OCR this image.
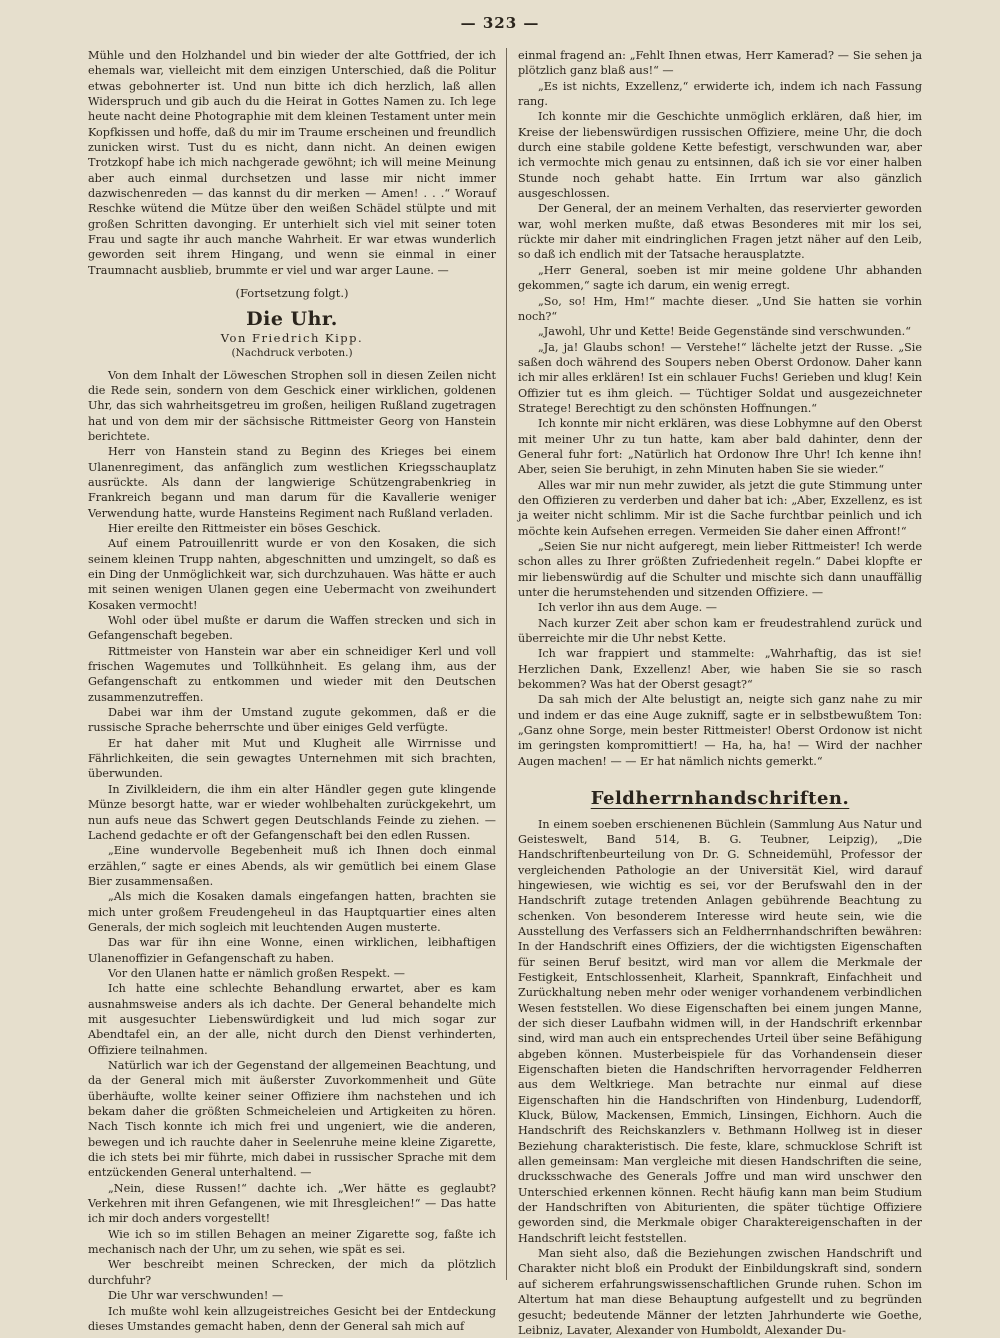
— 323 —

Mühle und den Holzhandel und bin wieder der alte Gottfried, der ich ehemals war, vielleicht mit dem einzigen Unterschied, daß die Politur etwas gebohnerter ist. Und nun bitte ich dich herzlich, laß allen Widerspruch und gib auch du die Heirat in Gottes Namen zu. Ich lege heute nacht deine Photographie mit dem kleinen Testament unter mein Kopfkissen und hoffe, daß du mir im Traume erscheinen und freundlich zunicken wirst. Tust du es nicht, dann nicht. An deinen ewigen Trotzkopf habe ich mich nachgerade gewöhnt; ich will meine Meinung aber auch einmal durchsetzen und lasse mir nicht immer dazwischenreden — das kannst du dir merken — Amen! . . .“ Worauf Reschke wütend die Mütze über den weißen Schädel stülpte und mit großen Schritten davonging. Er unterhielt sich viel mit seiner toten Frau und sagte ihr auch manche Wahrheit. Er war etwas wunderlich geworden seit ihrem Hingang, und wenn sie einmal in einer Traumnacht ausblieb, brummte er viel und war arger Laune. —

(Fortsetzung folgt.)
Die Uhr.
Von Friedrich Kipp.
(Nachdruck verboten.)

Von dem Inhalt der Löweschen Strophen soll in diesen Zeilen nicht die Rede sein, sondern von dem Geschick einer wirklichen, goldenen Uhr, das sich wahrheitsgetreu im großen, heiligen Rußland zugetragen hat und von dem mir der sächsische Rittmeister Georg von Hanstein berichtete.

Herr von Hanstein stand zu Beginn des Krieges bei einem Ulanenregiment, das anfänglich zum westlichen Kriegsschauplatz ausrückte. Als dann der langwierige Schützengrabenkrieg in Frankreich begann und man darum für die Kavallerie weniger Verwendung hatte, wurde Hansteins Regiment nach Rußland verladen.

Hier ereilte den Rittmeister ein böses Geschick.

Auf einem Patrouillenritt wurde er von den Kosaken, die sich seinem kleinen Trupp nahten, abgeschnitten und umzingelt, so daß es ein Ding der Unmöglichkeit war, sich durchzuhauen. Was hätte er auch mit seinen wenigen Ulanen gegen eine Uebermacht von zweihundert Kosaken vermocht!

Wohl oder übel mußte er darum die Waffen strecken und sich in Gefangenschaft begeben.

Rittmeister von Hanstein war aber ein schneidiger Kerl und voll frischen Wagemutes und Tollkühnheit. Es gelang ihm, aus der Gefangenschaft zu entkommen und wieder mit den Deutschen zusammenzutreffen.

Dabei war ihm der Umstand zugute gekommen, daß er die russische Sprache beherrschte und über einiges Geld verfügte.

Er hat daher mit Mut und Klugheit alle Wirrnisse und Fährlichkeiten, die sein gewagtes Unternehmen mit sich brachten, überwunden.

In Zivilkleidern, die ihm ein alter Händler gegen gute klingende Münze besorgt hatte, war er wieder wohlbehalten zurückgekehrt, um nun aufs neue das Schwert gegen Deutschlands Feinde zu ziehen. — Lachend gedachte er oft der Gefangenschaft bei den edlen Russen.

„Eine wundervolle Begebenheit muß ich Ihnen doch einmal erzählen,“ sagte er eines Abends, als wir gemütlich bei einem Glase Bier zusammensaßen.

„Als mich die Kosaken damals eingefangen hatten, brachten sie mich unter großem Freudengeheul in das Hauptquartier eines alten Generals, der mich sogleich mit leuchtenden Augen musterte.

Das war für ihn eine Wonne, einen wirklichen, leibhaftigen Ulanenoffizier in Gefangenschaft zu haben.

Vor den Ulanen hatte er nämlich großen Respekt. —

Ich hatte eine schlechte Behandlung erwartet, aber es kam ausnahmsweise anders als ich dachte. Der General behandelte mich mit ausgesuchter Liebenswürdigkeit und lud mich sogar zur Abendtafel ein, an der alle, nicht durch den Dienst verhinderten, Offiziere teilnahmen.

Natürlich war ich der Gegenstand der allgemeinen Beachtung, und da der General mich mit äußerster Zuvorkommenheit und Güte überhäufte, wollte keiner seiner Offiziere ihm nachstehen und ich bekam daher die größten Schmeicheleien und Artigkeiten zu hören. Nach Tisch konnte ich mich frei und ungeniert, wie die anderen, bewegen und ich rauchte daher in Seelenruhe meine kleine Zigarette, die ich stets bei mir führte, mich dabei in russischer Sprache mit dem entzückenden General unterhaltend. —

„Nein, diese Russen!“ dachte ich. „Wer hätte es geglaubt? Verkehren mit ihren Gefangenen, wie mit Ihresgleichen!“ — Das hatte ich mir doch anders vorgestellt!

Wie ich so im stillen Behagen an meiner Zigarette sog, faßte ich mechanisch nach der Uhr, um zu sehen, wie spät es sei.

Wer beschreibt meinen Schrecken, der mich da plötzlich durchfuhr?

Die Uhr war verschwunden! —

Ich mußte wohl kein allzugeistreiches Gesicht bei der Entdeckung dieses Umstandes gemacht haben, denn der General sah mich auf

einmal fragend an: „Fehlt Ihnen etwas, Herr Kamerad? — Sie sehen ja plötzlich ganz blaß aus!“ —

„Es ist nichts, Exzellenz,“ erwiderte ich, indem ich nach Fassung rang.

Ich konnte mir die Geschichte unmöglich erklären, daß hier, im Kreise der liebenswürdigen russischen Offiziere, meine Uhr, die doch durch eine stabile goldene Kette befestigt, verschwunden war, aber ich vermochte mich genau zu entsinnen, daß ich sie vor einer halben Stunde noch gehabt hatte. Ein Irrtum war also gänzlich ausgeschlossen.

Der General, der an meinem Verhalten, das reservierter geworden war, wohl merken mußte, daß etwas Besonderes mit mir los sei, rückte mir daher mit eindringlichen Fragen jetzt näher auf den Leib, so daß ich endlich mit der Tatsache herausplatzte.

„Herr General, soeben ist mir meine goldene Uhr abhanden gekommen,“ sagte ich darum, ein wenig erregt.

„So, so! Hm, Hm!“ machte dieser. „Und Sie hatten sie vorhin noch?“

„Jawohl, Uhr und Kette! Beide Gegenstände sind verschwunden.“

„Ja, ja! Glaubs schon! — Verstehe!“ lächelte jetzt der Russe. „Sie saßen doch während des Soupers neben Oberst Ordonow. Daher kann ich mir alles erklären! Ist ein schlauer Fuchs! Gerieben und klug! Kein Offizier tut es ihm gleich. — Tüchtiger Soldat und ausgezeichneter Stratege! Berechtigt zu den schönsten Hoffnungen.“

Ich konnte mir nicht erklären, was diese Lobhymne auf den Oberst mit meiner Uhr zu tun hatte, kam aber bald dahinter, denn der General fuhr fort: „Natürlich hat Ordonow Ihre Uhr! Ich kenne ihn! Aber, seien Sie beruhigt, in zehn Minuten haben Sie sie wieder.“

Alles war mir nun mehr zuwider, als jetzt die gute Stimmung unter den Offizieren zu verderben und daher bat ich: „Aber, Exzellenz, es ist ja weiter nicht schlimm. Mir ist die Sache furchtbar peinlich und ich möchte kein Aufsehen erregen. Vermeiden Sie daher einen Affront!“

„Seien Sie nur nicht aufgeregt, mein lieber Rittmeister! Ich werde schon alles zu Ihrer größten Zufriedenheit regeln.“ Dabei klopfte er mir liebenswürdig auf die Schulter und mischte sich dann unauffällig unter die herumstehenden und sitzenden Offiziere. —

Ich verlor ihn aus dem Auge. —

Nach kurzer Zeit aber schon kam er freudestrahlend zurück und überreichte mir die Uhr nebst Kette.

Ich war frappiert und stammelte: „Wahrhaftig, das ist sie! Herzlichen Dank, Exzellenz! Aber, wie haben Sie sie so rasch bekommen? Was hat der Oberst gesagt?“

Da sah mich der Alte belustigt an, neigte sich ganz nahe zu mir und indem er das eine Auge zukniff, sagte er in selbstbewußtem Ton: „Ganz ohne Sorge, mein bester Rittmeister! Oberst Ordonow ist nicht im geringsten kompromittiert! — Ha, ha, ha! — Wird der nachher Augen machen! — — Er hat nämlich nichts gemerkt.“

Feldherrnhandschriften.

In einem soeben erschienenen Büchlein (Sammlung Aus Natur und Geisteswelt, Band 514, B. G. Teubner, Leipzig), „Die Handschriftenbeurteilung von Dr. G. Schneidemühl, Professor der vergleichenden Pathologie an der Universität Kiel, wird darauf hingewiesen, wie wichtig es sei, vor der Berufswahl den in der Handschrift zutage tretenden Anlagen gebührende Beachtung zu schenken. Von besonderem Interesse wird heute sein, wie die Ausstellung des Verfassers sich an Feldherrnhandschriften bewähren: In der Handschrift eines Offiziers, der die wichtigsten Eigenschaften für seinen Beruf besitzt, wird man vor allem die Merkmale der Festigkeit, Entschlossenheit, Klarheit, Spannkraft, Einfachheit und Zurückhaltung neben mehr oder weniger vorhandenem verbindlichen Wesen feststellen. Wo diese Eigenschaften bei einem jungen Manne, der sich dieser Laufbahn widmen will, in der Handschrift erkennbar sind, wird man auch ein entsprechendes Urteil über seine Befähigung abgeben können. Musterbeispiele für das Vorhandensein dieser Eigenschaften bieten die Handschriften hervorragender Feldherren aus dem Weltkriege. Man betrachte nur einmal auf diese Eigenschaften hin die Handschriften von Hindenburg, Ludendorff, Kluck, Bülow, Mackensen, Emmich, Linsingen, Eichhorn. Auch die Handschrift des Reichskanzlers v. Bethmann Hollweg ist in dieser Beziehung charakteristisch. Die feste, klare, schmucklose Schrift ist allen gemeinsam: Man vergleiche mit diesen Handschriften die seine, drucksschwache des Generals Joffre und man wird unschwer den Unterschied erkennen können. Recht häufig kann man beim Studium der Handschriften von Abiturienten, die später tüchtige Offiziere geworden sind, die Merkmale obiger Charaktereigenschaften in der Handschrift leicht feststellen.

Man sieht also, daß die Beziehungen zwischen Handschrift und Charakter nicht bloß ein Produkt der Einbildungskraft sind, sondern auf sicherem erfahrungswissenschaftlichen Grunde ruhen. Schon im Altertum hat man diese Behauptung aufgestellt und zu begründen gesucht; bedeutende Männer der letzten Jahrhunderte wie Goethe, Leibniz, Lavater, Alexander von Humboldt, Alexander Du-
